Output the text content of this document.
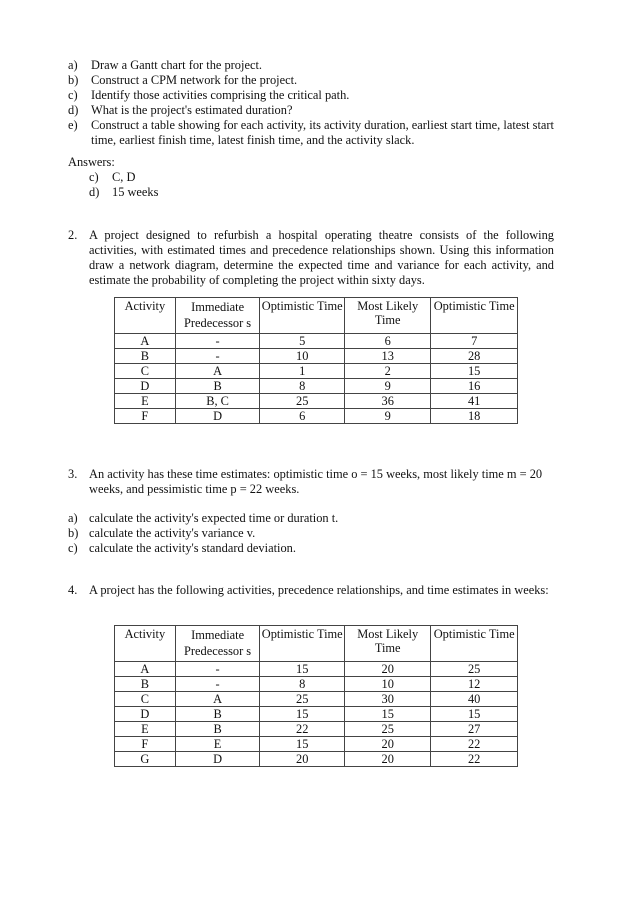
a)	Draw a Gantt chart for the project.
b)	Construct a CPM network for the project.
c)	Identify those activities comprising the critical path.
d)	What is the project's estimated duration?
e)	Construct a table showing for each activity, its activity duration, earliest start time, latest start time, earliest finish time, latest finish time, and the activity slack.
Answers:
c)	C, D
d)	15 weeks
2. A project designed to refurbish a hospital operating theatre consists of the following activities, with estimated times and precedence relationships shown. Using this information draw a network diagram, determine the expected time and variance for each activity, and estimate the probability of completing the project within sixty days.
Activity	Immediate Predecessor s	Optimistic Time	Most Likely Time	Optimistic Time
A	-	5	6	7
B	-	10	13	28
C	A	1	2	15
D	B	8	9	16
E	B, C	25	36	41
F	D	6	9	18
3. An activity has these time estimates: optimistic time o = 15 weeks, most likely time m = 20 weeks, and pessimistic time p = 22 weeks.
a) calculate the activity's expected time or duration t.
b) calculate the activity's variance v.
c) calculate the activity's standard deviation.
4. A project has the following activities, precedence relationships, and time estimates in weeks:
Activity	Immediate Predecessor s	Optimistic Time	Most Likely Time	Optimistic Time
A	-	15	20	25
B	-	8	10	12
C	A	25	30	40
D	B	15	15	15
E	B	22	25	27
F	E	15	20	22
G	D	20	20	22
